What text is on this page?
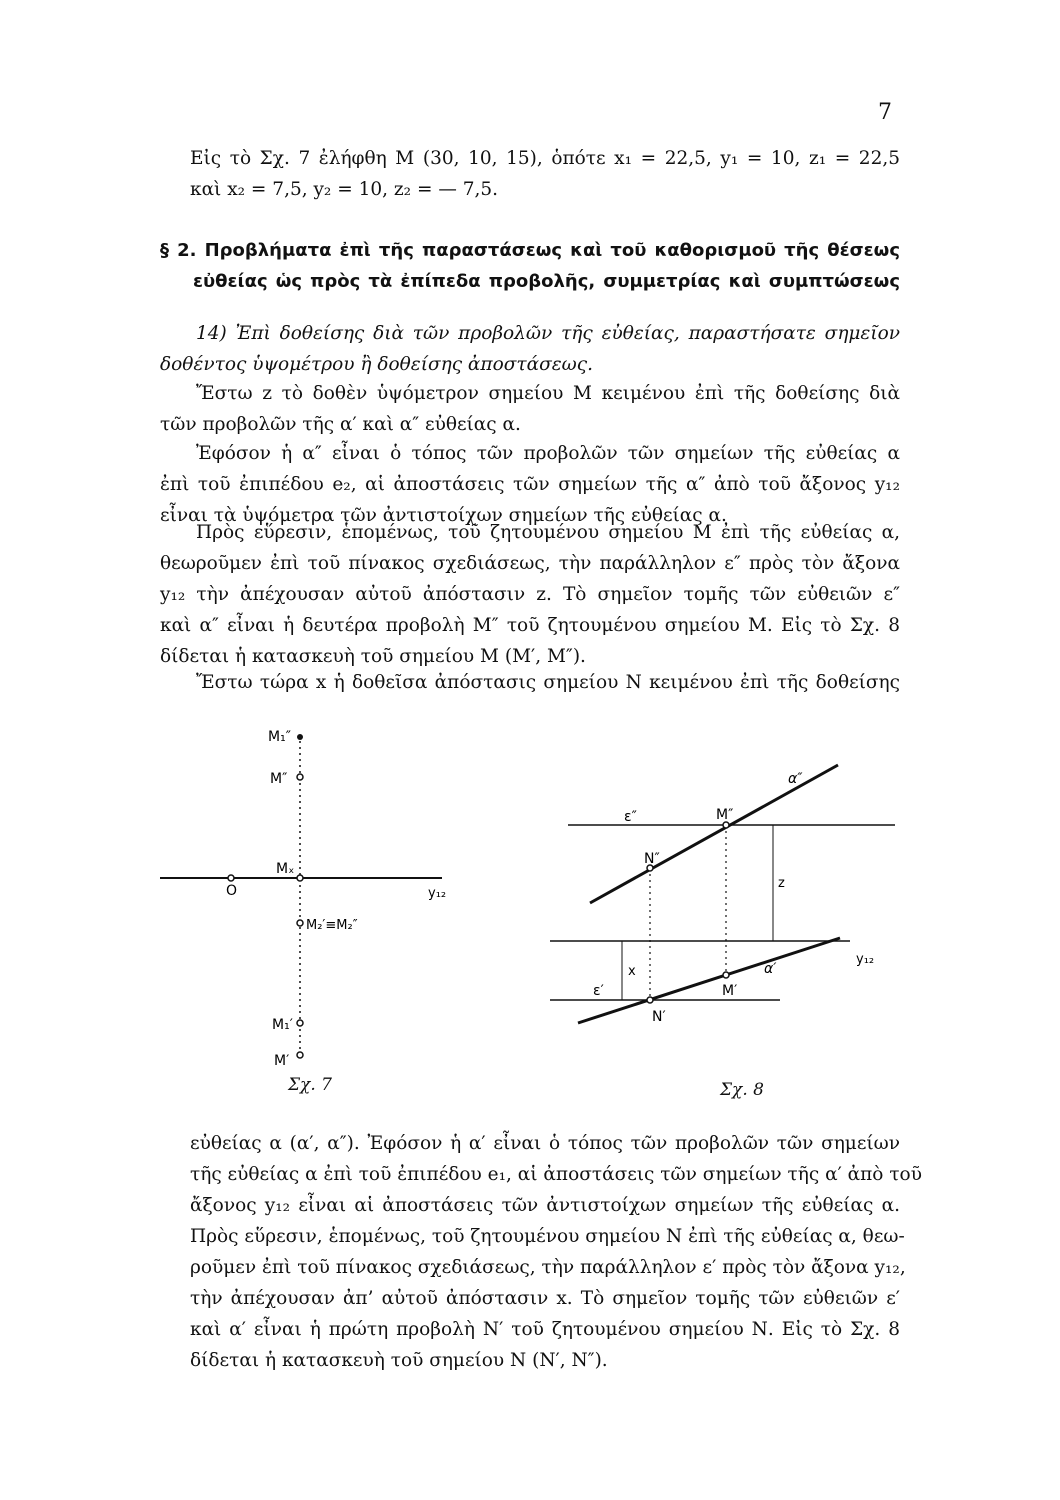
7
Εἰς τὸ Σχ. 7 ἐλήφθη Μ (30, 10, 15), ὁπότε x₁ = 22,5, y₁ = 10, z₁ = 22,5
καὶ x₂ = 7,5, y₂ = 10, z₂ = — 7,5.
§ 2. Προβλήματα ἐπὶ τῆς παραστάσεως καὶ τοῦ καθορισμοῦ τῆς θέσεως
εὐθείας ὡς πρὸς τὰ ἐπίπεδα προβολῆς, συμμετρίας καὶ συμπτώσεως
14) Ἐπὶ δοθείσης διὰ τῶν προβολῶν τῆς εὐθείας, παραστήσατε σημεῖον
δοθέντος ὑψομέτρου ἢ δοθείσης ἀποστάσεως.
Ἔστω z τὸ δοθὲν ὑψόμετρον σημείου Μ κειμένου ἐπὶ τῆς δοθείσης διὰ
τῶν προβολῶν τῆς α′ καὶ α″ εὐθείας α.
Ἐφόσον ἡ α″ εἶναι ὁ τόπος τῶν προβολῶν τῶν σημείων τῆς εὐθείας α
ἐπὶ τοῦ ἐπιπέδου e₂, αἱ ἀποστάσεις τῶν σημείων τῆς α″ ἀπὸ τοῦ ἄξονος y₁₂
εἶναι τὰ ὑψόμετρα τῶν ἀντιστοίχων σημείων τῆς εὐθείας α.
Πρὸς εὕρεσιν, ἑπομένως, τοῦ ζητουμένου σημείου Μ ἐπὶ τῆς εὐθείας α,
θεωροῦμεν ἐπὶ τοῦ πίνακος σχεδιάσεως, τὴν παράλληλον ε″ πρὸς τὸν ἄξονα
y₁₂ τὴν ἀπέχουσαν αὐτοῦ ἀπόστασιν z. Τὸ σημεῖον τομῆς τῶν εὐθειῶν ε″
καὶ α″ εἶναι ἡ δευτέρα προβολὴ Μ″ τοῦ ζητουμένου σημείου Μ. Εἰς τὸ Σχ. 8
δίδεται ἡ κατασκευὴ τοῦ σημείου Μ (Μ′, Μ″).
Ἔστω τώρα x ἡ δοθεῖσα ἀπόστασις σημείου Ν κειμένου ἐπὶ τῆς δοθείσης
M₁″
M″
Mₓ
O	y₁₂
M₂′≡M₂″
M₁′
M′
Σχ. 7
α″
ε″	M″
N″
z
y₁₂
x	α′
M′
ε′
N′
Σχ. 8
εὐθείας α (α′, α″). Ἐφόσον ἡ α′ εἶναι ὁ τόπος τῶν προβολῶν τῶν σημείων
τῆς εὐθείας α ἐπὶ τοῦ ἐπιπέδου e₁, αἱ ἀποστάσεις τῶν σημείων τῆς α′ ἀπὸ τοῦ
ἄξονος y₁₂ εἶναι αἱ ἀποστάσεις τῶν ἀντιστοίχων σημείων τῆς εὐθείας α.
Πρὸς εὕρεσιν, ἑπομένως, τοῦ ζητουμένου σημείου Ν ἐπὶ τῆς εὐθείας α, θεω-
ροῦμεν ἐπὶ τοῦ πίνακος σχεδιάσεως, τὴν παράλληλον ε′ πρὸς τὸν ἄξονα y₁₂,
τὴν ἀπέχουσαν ἀπ’ αὐτοῦ ἀπόστασιν x. Τὸ σημεῖον τομῆς τῶν εὐθειῶν ε′
καὶ α′ εἶναι ἡ πρώτη προβολὴ Ν′ τοῦ ζητουμένου σημείου Ν. Εἰς τὸ Σχ. 8
δίδεται ἡ κατασκευὴ τοῦ σημείου Ν (Ν′, Ν″).
